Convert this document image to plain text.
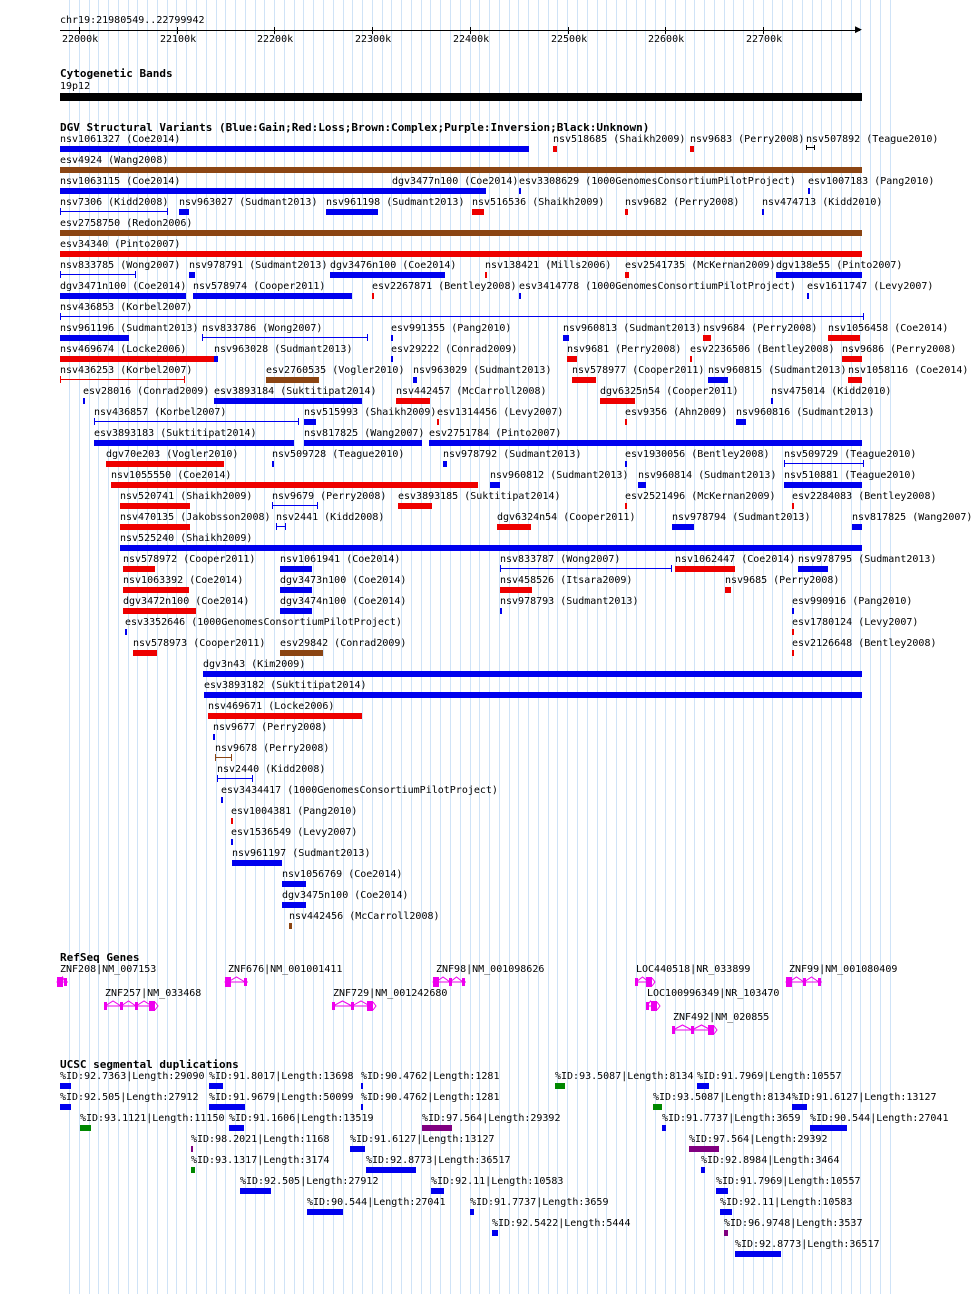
chr19:21980549..22799942
▶
22000k	22100k	22200k	22300k	22400k	22500k	22600k	22700k
Cytogenetic Bands
19p12
DGV Structural Variants (Blue:Gain;Red:Loss;Brown:Complex;Purple:Inversion;Black:Unknown)
nsv1061327 (Coe2014)	nsv518685 (Shaikh2009) nsv9683 (Perry2008) nsv507892 (Teague2010)
esv4924 (Wang2008)
nsv1063115 (Coe2014)	dgv3477n100 (Coe2014) esv3308629 (1000GenomesConsortiumPilotProject) esv1007183 (Pang2010)
nsv7306 (Kidd2008) nsv963027 (Sudmant2013) nsv961198 (Sudmant2013) nsv516536 (Shaikh2009) nsv9682 (Perry2008) nsv474713 (Kidd2010)
esv2758750 (Redon2006)
esv34340 (Pinto2007)
nsv833785 (Wong2007) nsv978791 (Sudmant2013) dgv3476n100 (Coe2014)	nsv138421 (Mills2006) esv2541735 (McKernan2009) dgv138e55 (Pinto2007)
dgv3471n100 (Coe2014) nsv578974 (Cooper2011)	esv2267871 (Bentley2008) esv3414778 (1000GenomesConsortiumPilotProject) esv1611747 (Levy2007)
nsv436853 (Korbel2007)
nsv961196 (Sudmant2013) nsv833786 (Wong2007)	esv991355 (Pang2010)	nsv960813 (Sudmant2013) nsv9684 (Perry2008) nsv1056458 (Coe2014)
nsv469674 (Locke2006)	nsv963028 (Sudmant2013)	esv29222 (Conrad2009)	nsv9681 (Perry2008) esv2236506 (Bentley2008) nsv9686 (Perry2008)
nsv436253 (Korbel2007)	esv2760535 (Vogler2010) nsv963029 (Sudmant2013) nsv578977 (Cooper2011) nsv960815 (Sudmant2013) nsv1058116 (Coe2014)
esv28016 (Conrad2009) esv3893184 (Suktitipat2014) nsv442457 (McCarroll2008)	dgv6325n54 (Cooper2011)	nsv475014 (Kidd2010)
nsv436857 (Korbel2007)	nsv515993 (Shaikh2009) esv1314456 (Levy2007)	esv9356 (Ahn2009) nsv960816 (Sudmant2013)
esv3893183 (Suktitipat2014)	nsv817825 (Wang2007) esv2751784 (Pinto2007)
dgv70e203 (Vogler2010)	nsv509728 (Teague2010)	nsv978792 (Sudmant2013)	esv1930056 (Bentley2008) nsv509729 (Teague2010)
nsv1055550 (Coe2014)	nsv960812 (Sudmant2013) nsv960814 (Sudmant2013) nsv510881 (Teague2010)
nsv520741 (Shaikh2009) nsv9679 (Perry2008) esv3893185 (Suktitipat2014)	esv2521496 (McKernan2009) esv2284083 (Bentley2008)
nsv470135 (Jakobsson2008) nsv2441 (Kidd2008)	dgv6324n54 (Cooper2011)	nsv978794 (Sudmant2013)	nsv817825 (Wang2007)
nsv525240 (Shaikh2009)
nsv578972 (Cooper2011) nsv1061941 (Coe2014)	nsv833787 (Wong2007)	nsv1062447 (Coe2014) nsv978795 (Sudmant2013)
nsv1063392 (Coe2014)	dgv3473n100 (Coe2014)	nsv458526 (Itsara2009)	nsv9685 (Perry2008)
dgv3472n100 (Coe2014)	dgv3474n100 (Coe2014)	nsv978793 (Sudmant2013)	esv990916 (Pang2010)
esv3352646 (1000GenomesConsortiumPilotProject)	esv1780124 (Levy2007)
nsv578973 (Cooper2011) esv29842 (Conrad2009)	esv2126648 (Bentley2008)
dgv3n43 (Kim2009)
esv3893182 (Suktitipat2014)
nsv469671 (Locke2006)
nsv9677 (Perry2008)
nsv9678 (Perry2008)
nsv2440 (Kidd2008)
esv3434417 (1000GenomesConsortiumPilotProject)
esv1004381 (Pang2010)
esv1536549 (Levy2007)
nsv961197 (Sudmant2013)
nsv1056769 (Coe2014)
dgv3475n100 (Coe2014)
nsv442456 (McCarroll2008)
RefSeq Genes
ZNF208|NM_007153	ZNF676|NM_001001411	ZNF98|NM_001098626	LOC440518|NR_033899	ZNF99|NM_001080409
ZNF257|NM_033468	ZNF729|NM_001242680	LOC100996349|NR_103470
ZNF492|NM_020855
UCSC segmental duplications
%ID:92.7363|Length:29090 %ID:91.8017|Length:13698 %ID:90.4762|Length:1281	%ID:93.5087|Length:8134 %ID:91.7969|Length:10557
%ID:92.505|Length:27912 %ID:91.9679|Length:50099 %ID:90.4762|Length:1281	%ID:93.5087|Length:8134 %ID:91.6127|Length:13127
%ID:93.1121|Length:11150 %ID:91.1606|Length:13519	%ID:97.564|Length:29392	%ID:91.7737|Length:3659 %ID:90.544|Length:27041
%ID:98.2021|Length:1168 %ID:91.6127|Length:13127	%ID:97.564|Length:29392
%ID:93.1317|Length:3174	%ID:92.8773|Length:36517	%ID:92.8984|Length:3464
%ID:92.505|Length:27912	%ID:92.11|Length:10583	%ID:91.7969|Length:10557
%ID:90.544|Length:27041 %ID:91.7737|Length:3659	%ID:92.11|Length:10583
%ID:92.5422|Length:5444	%ID:96.9748|Length:3537
%ID:92.8773|Length:36517
